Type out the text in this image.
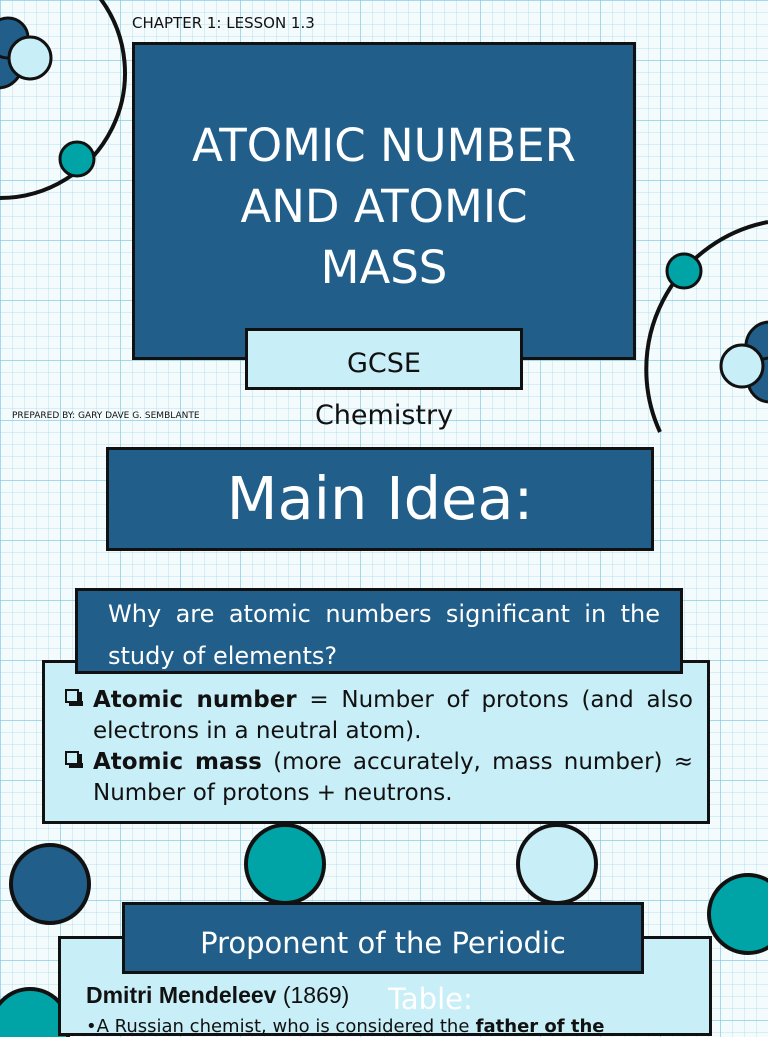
CHAPTER 1: LESSON 1.3
ATOMIC NUMBER
AND ATOMIC
MASS
GCSE
Chemistry
PREPARED BY: GARY DAVE G. SEMBLANTE
Main Idea:
Atomic number = Number of protons (and also electrons in a neutral atom).
Atomic mass (more accurately, mass number) ≈ Number of protons + neutrons.
Why are atomic numbers significant in the study of elements?
Table:
Proponent of the Periodic
Dmitri Mendeleev (1869)
•A Russian chemist, who is considered the father of the
